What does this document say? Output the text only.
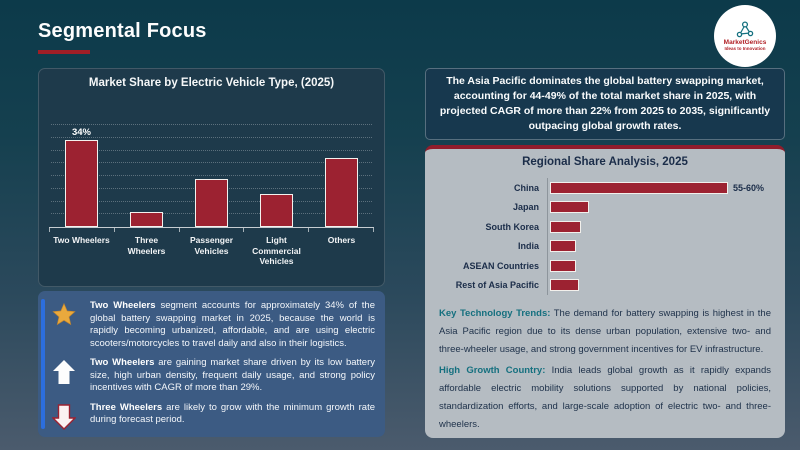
Segmental Focus
MarketGenics
Ideas to Innovation
Market Share by Electric Vehicle Type, (2025)
34%
Two Wheelers	Three Wheelers
Passenger Vehicles
Light Commercial Vehicles
Others
Two Wheelers segment accounts for approximately 34% of the global battery swapping market in 2025, because the world is rapidly becoming urbanized, affordable, and are using electric scooters/motorcycles to travel daily and also in their logistics.
Two Wheelers are gaining market share driven by its low battery size, high urban density, frequent daily usage, and strong policy incentives with CAGR of more than 29%.
Three Wheelers are likely to grow with the minimum growth rate during forecast period.

The Asia Pacific dominates the global battery swapping market, accounting for 44-49% of the total market share in 2025, with projected CAGR of more than 22% from 2025 to 2035, significantly outpacing global growth rates.

Regional Share Analysis, 2025
China	55-60%
Japan
South Korea
India
ASEAN Countries
Rest of Asia Pacific

Key Technology Trends: The demand for battery swapping is highest in the Asia Pacific region due to its dense urban population, extensive two- and three-wheeler usage, and strong government incentives for EV infrastructure.

High Growth Country: India leads global growth as it rapidly expands affordable electric mobility solutions supported by national policies, standardization efforts, and large-scale adoption of electric two- and three-wheelers.
